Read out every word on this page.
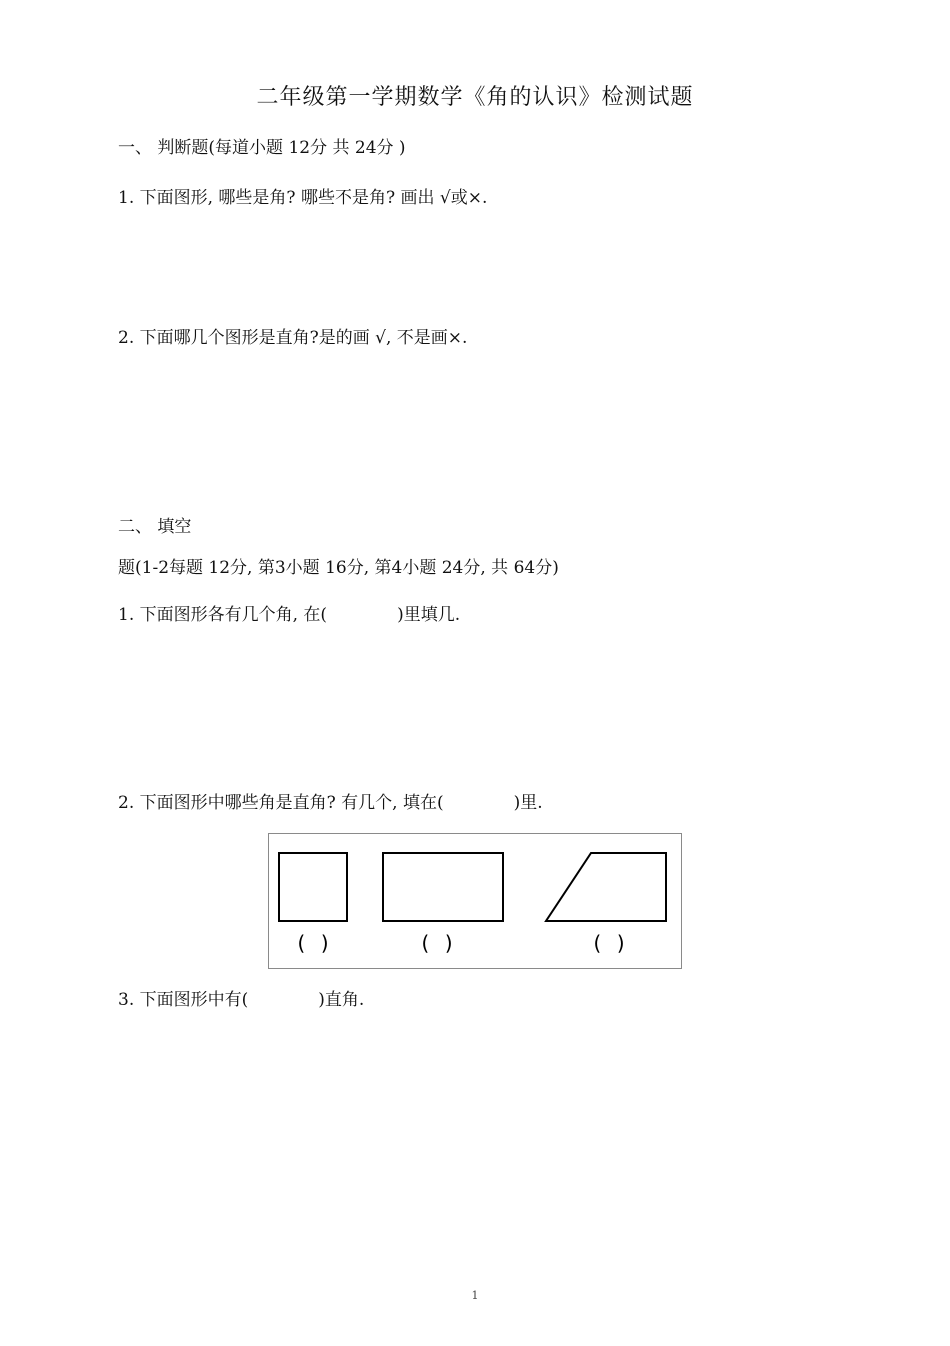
二年级第一学期数学《角的认识》检测试题
一、 判断题(每道小题 12分 共 24分 )
1. 下面图形, 哪些是角? 哪些不是角? 画出 √或×.
2. 下面哪几个图形是直角?是的画 √, 不是画×.
二、 填空
题(1-2每题 12分, 第3小题 16分, 第4小题 24分, 共 64分)
1. 下面图形各有几个角, 在(	)里填几.
2. 下面图形中哪些角是直角? 有几个, 填在(	)里.
( )	( )	( )
3. 下面图形中有(	)直角.
1
